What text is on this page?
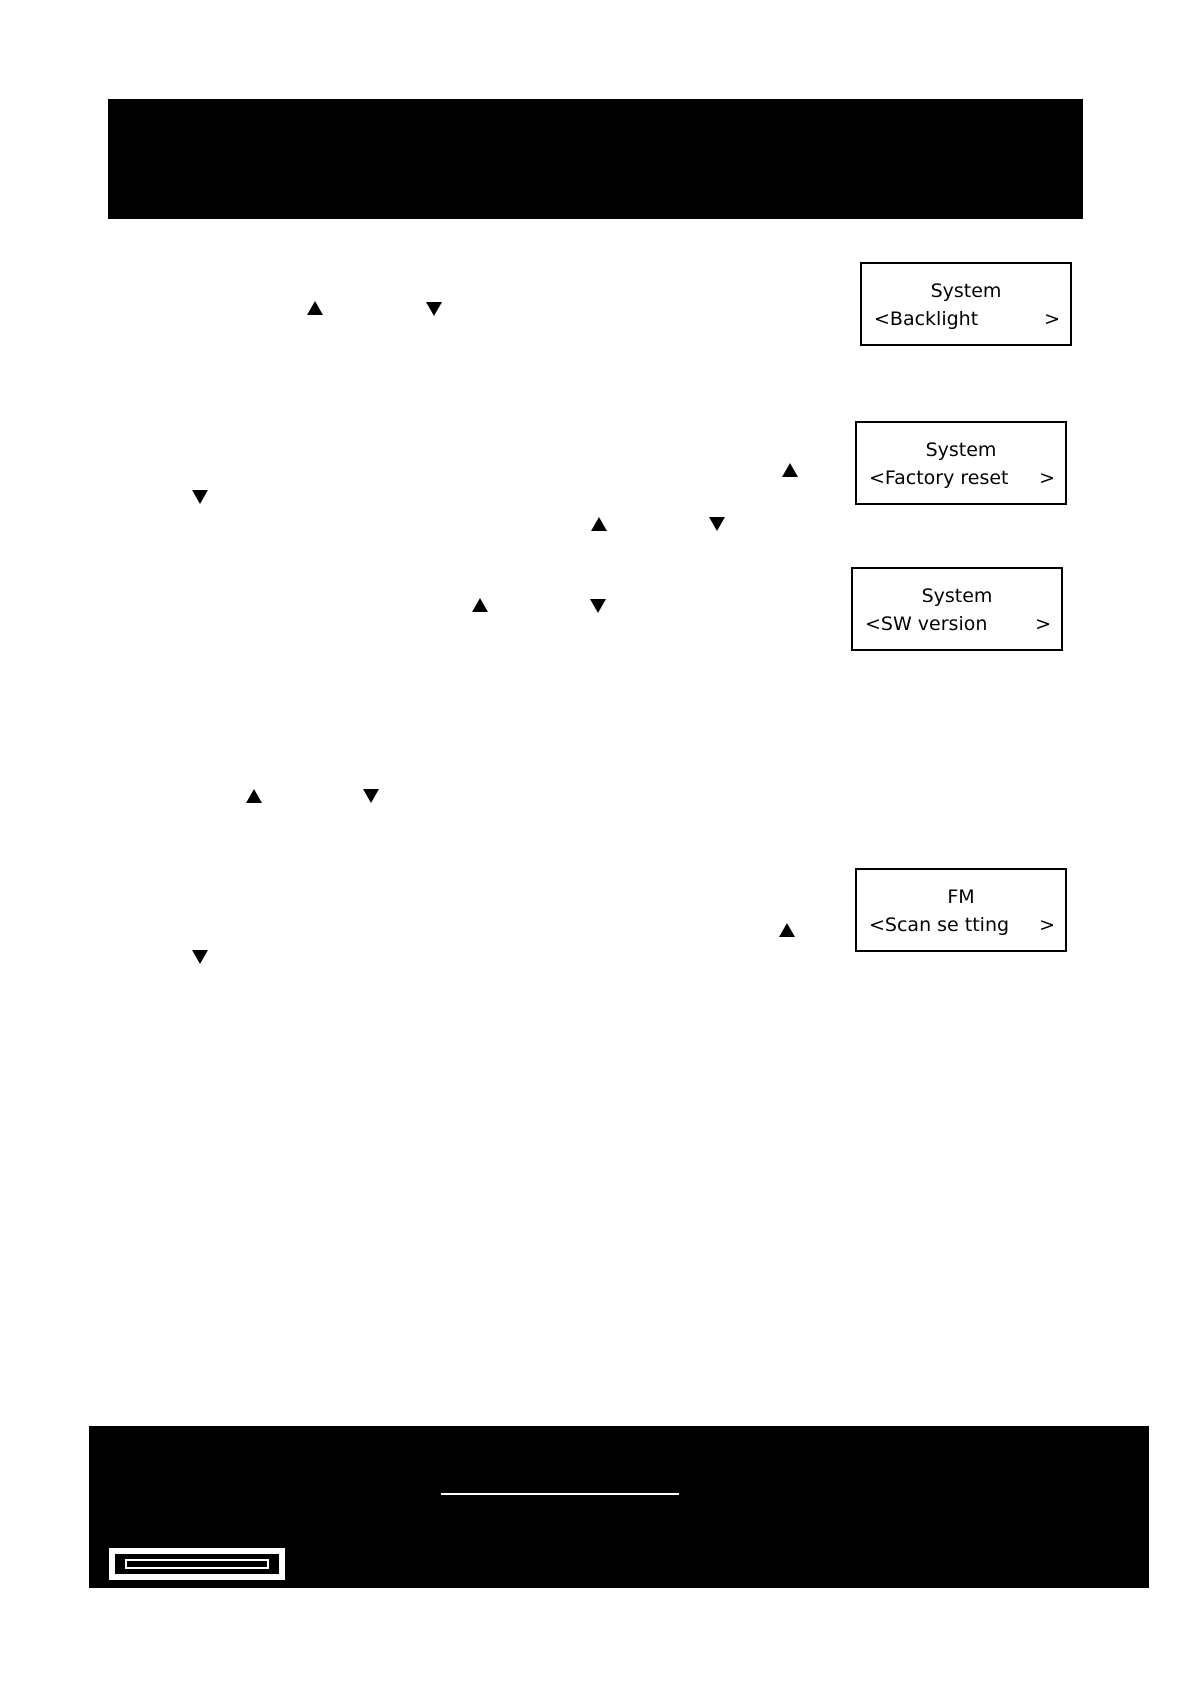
System
<Backlight	>
System
<Factory reset	>
System
<SW version	>
FM
<Scan se tting	>
